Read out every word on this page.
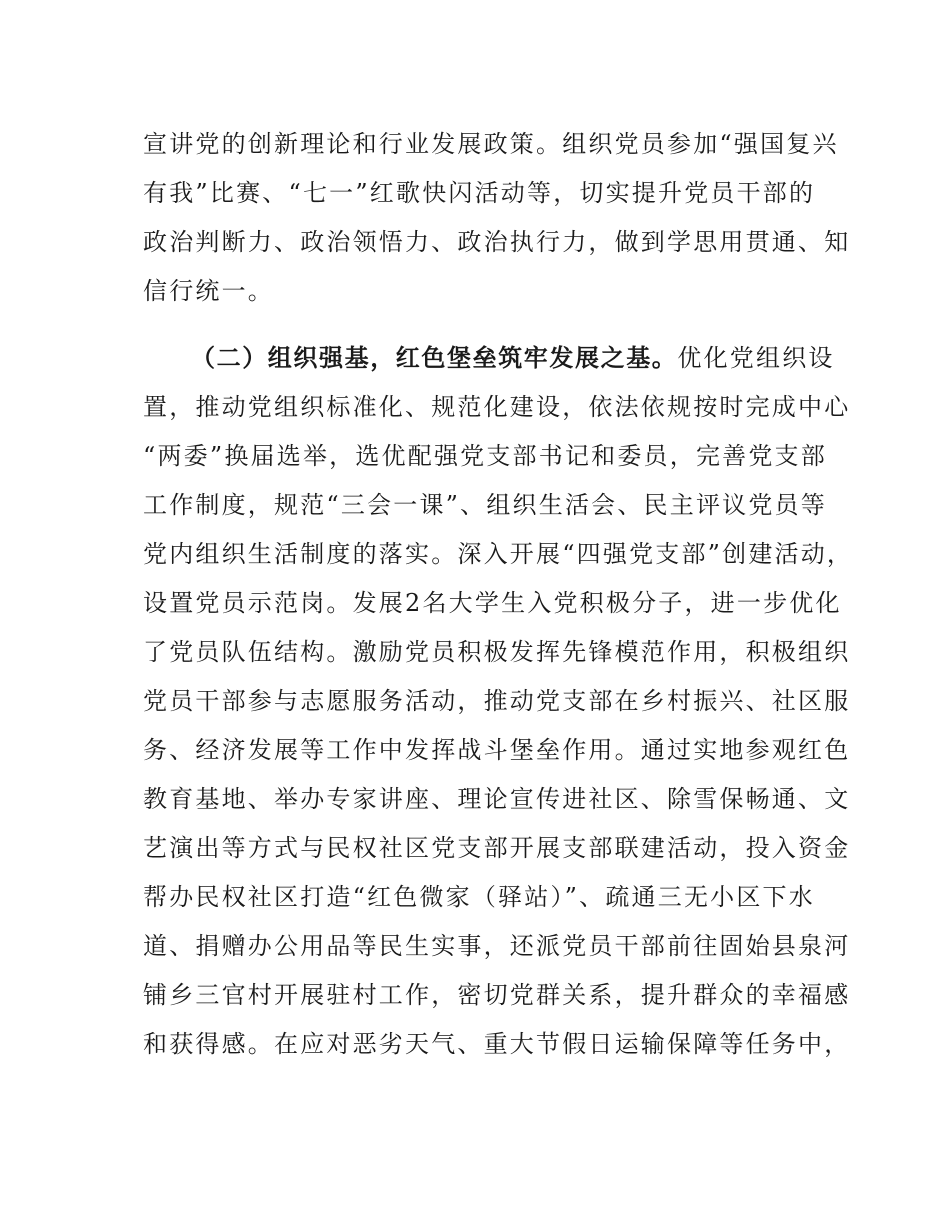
宣讲党的创新理论和行业发展政策。组织党员参加“强国复兴
有我”比赛、“七一”红歌快闪活动等，切实提升党员干部的
政治判断力、政治领悟力、政治执行力，做到学思用贯通、知
信行统一。
（二）组织强基，红色堡垒筑牢发展之基。优化党组织设
置，推动党组织标准化、规范化建设，依法依规按时完成中心
“两委”换届选举，选优配强党支部书记和委员，完善党支部
工作制度，规范“三会一课”、组织生活会、民主评议党员等
党内组织生活制度的落实。深入开展“四强党支部”创建活动，
设置党员示范岗。发展2名大学生入党积极分子，进一步优化
了党员队伍结构。激励党员积极发挥先锋模范作用，积极组织
党员干部参与志愿服务活动，推动党支部在乡村振兴、社区服
务、经济发展等工作中发挥战斗堡垒作用。通过实地参观红色
教育基地、举办专家讲座、理论宣传进社区、除雪保畅通、文
艺演出等方式与民权社区党支部开展支部联建活动，投入资金
帮办民权社区打造“红色微家（驿站）”、疏通三无小区下水
道、捐赠办公用品等民生实事，还派党员干部前往固始县泉河
铺乡三官村开展驻村工作，密切党群关系，提升群众的幸福感
和获得感。在应对恶劣天气、重大节假日运输保障等任务中，
